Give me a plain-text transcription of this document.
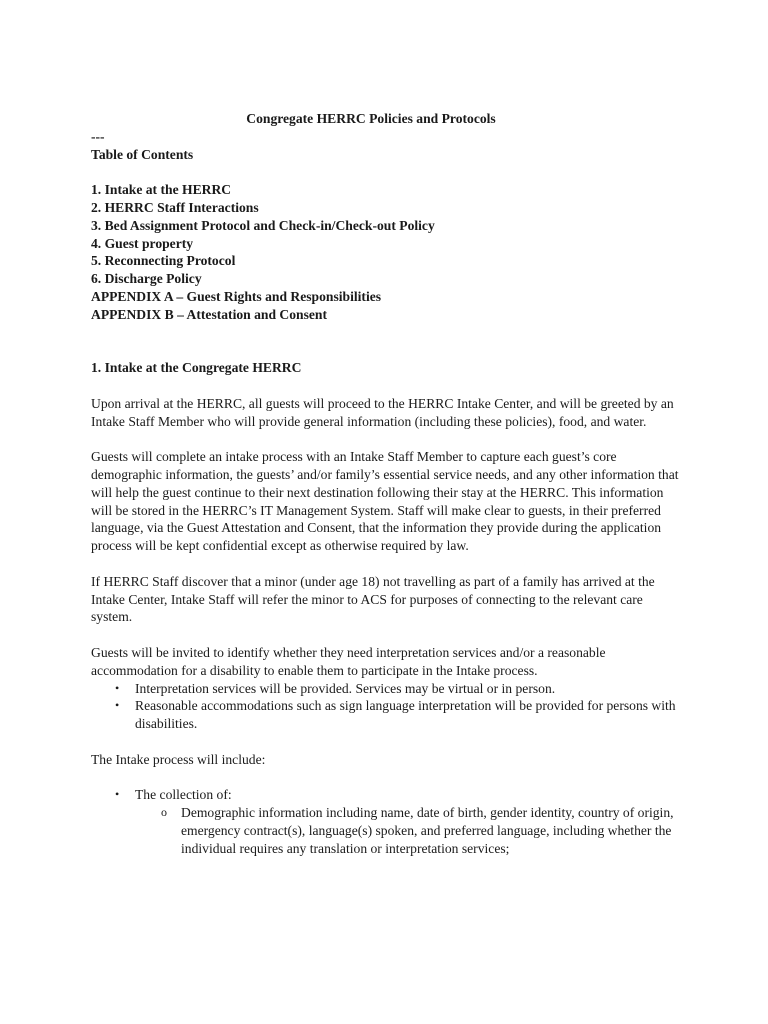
Congregate HERRC Policies and Protocols
---
Table of Contents
1. Intake at the HERRC
2. HERRC Staff Interactions
3. Bed Assignment Protocol and Check-in/Check-out Policy
4. Guest property
5. Reconnecting Protocol
6. Discharge Policy
APPENDIX A – Guest Rights and Responsibilities
APPENDIX B – Attestation and Consent
1. Intake at the Congregate HERRC

Upon arrival at the HERRC, all guests will proceed to the HERRC Intake Center, and will be greeted by an Intake Staff Member who will provide general information (including these policies), food, and water.

Guests will complete an intake process with an Intake Staff Member to capture each guest’s core demographic information, the guests’ and/or family’s essential service needs, and any other information that will help the guest continue to their next destination following their stay at the HERRC. This information will be stored in the HERRC’s IT Management System. Staff will make clear to guests, in their preferred language, via the Guest Attestation and Consent, that the information they provide during the application process will be kept confidential except as otherwise required by law.

If HERRC Staff discover that a minor (under age 18) not travelling as part of a family has arrived at the Intake Center, Intake Staff will refer the minor to ACS for purposes of connecting to the relevant care system.

Guests will be invited to identify whether they need interpretation services and/or a reasonable accommodation for a disability to enable them to participate in the Intake process.

• Interpretation services will be provided. Services may be virtual or in person.
• Reasonable accommodations such as sign language interpretation will be provided for persons with disabilities.

The Intake process will include:

• The collection of:
o Demographic information including name, date of birth, gender identity, country of origin, emergency contract(s), language(s) spoken, and preferred language, including whether the individual requires any translation or interpretation services;
